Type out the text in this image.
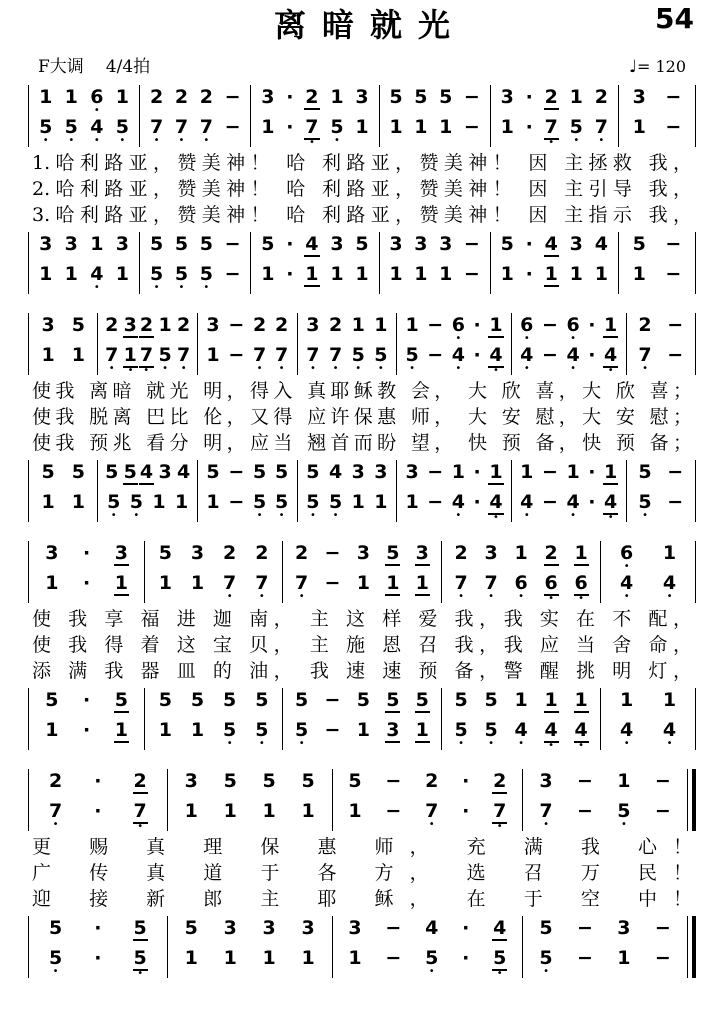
离暗就光	54
F大调 4/4拍	♩= 120
1 1 6
•
1
5
•
5
•
4
•
5
•
2 2 2 −
7
•
7
•
7
•
−
3 · 2 1 3
1 · 7
•
5
•
1
5 5 5 −
1 1 1 −
3 · 2 1 2
1 · 7
•
5
•
7
•
3 −
1 −
1.哈利路亚，赞美神！ 哈 利路亚，赞美神！ 因 主拯救 我，
2.哈利路亚，赞美神！ 哈 利路亚，赞美神！ 因 主引导 我，
3.哈利路亚，赞美神！ 哈 利路亚，赞美神！ 因 主指示 我，
3 3 1 3
1 1 4
•
1
5 5 5 −
5
•
5
•
5
•
−
5 · 4 3 5
1 · 1 1 1
3 3 3 −
1 1 1 −
5 · 4 3 4
1 · 1 1 1
5 −
1 −
3 5
1 1
2 3 2 1 2
7
•
1 7
• •
5
•
7
•
3 − 2 2
1 − 7
•
7
•
3 2 1 1
7
•
7
•
5
•
5
•
1 − 6
•
· 1
5
•
− 4
•
· 4
•
6
•
− 6
•
· 1
4
•
− 4
•
· 4
•
2 −
7
•
−
使我 离暗 就光 明，得入 真耶稣教 会， 大 欣 喜，大 欣 喜；
使我 脱离 巴比 伦，又得 应许保惠 师， 大 安 慰，大 安 慰；
使我 预兆 看分 明，应当 翘首而盼 望， 快 预 备，快 预 备；
5 5
1 1
5 5 4 3 4
5
•
5
•
1 1
5 − 5 5
1 − 5
•
5
•
5 4 3 3
5
•
5
•
1 1
3 − 1 · 1
1 − 4
•
· 4
•
1 − 1 · 1
4
•
− 4
•
· 4
•
5 −
5
•
−
3 · 3
1 · 1
5 3 2 2
1 1 7
•
7
•
2 − 3 5 3
7
•
− 1 1 1
2 3 1 2 1
7
•
7
•
6
•
6
•
6
•
6
•
1
4
•
4
•
使 我 享 福 进 迦 南， 主 这 样 爱 我，我 实 在 不 配，
使 我 得 着 这 宝 贝， 主 施 恩 召 我，我 应 当 舍 命，
添 满 我 器 皿 的 油， 我 速 速 预 备，警 醒 挑 明 灯，
5 · 5
1 · 1
5 5 5 5
1 1 5
•
5
•
5 − 5 5 5
5
•
− 1 3 1
5 5 1 1 1
5
•
5
•
4
•
4
•
4
•
1 1
4
•
4
•
2 · 2
7
•
· 7
•
3 5 5 5
1 1 1 1
5 − 2 · 2
1 − 7
•
· 7
•
3 − 1 −
7
•
− 5
•
−
更 赐 真 理 保 惠 师， 充 满 我 心！
广 传 真 道 于 各 方， 选 召 万 民！
迎 接 新 郎 主 耶 稣， 在 于 空 中！
5 · 5
5
•
· 5
•
5 3 3 3
1 1 1 1
3 − 4 · 4
1 − 5
•
· 5
•
5 − 3 −
5
•
− 1 −
